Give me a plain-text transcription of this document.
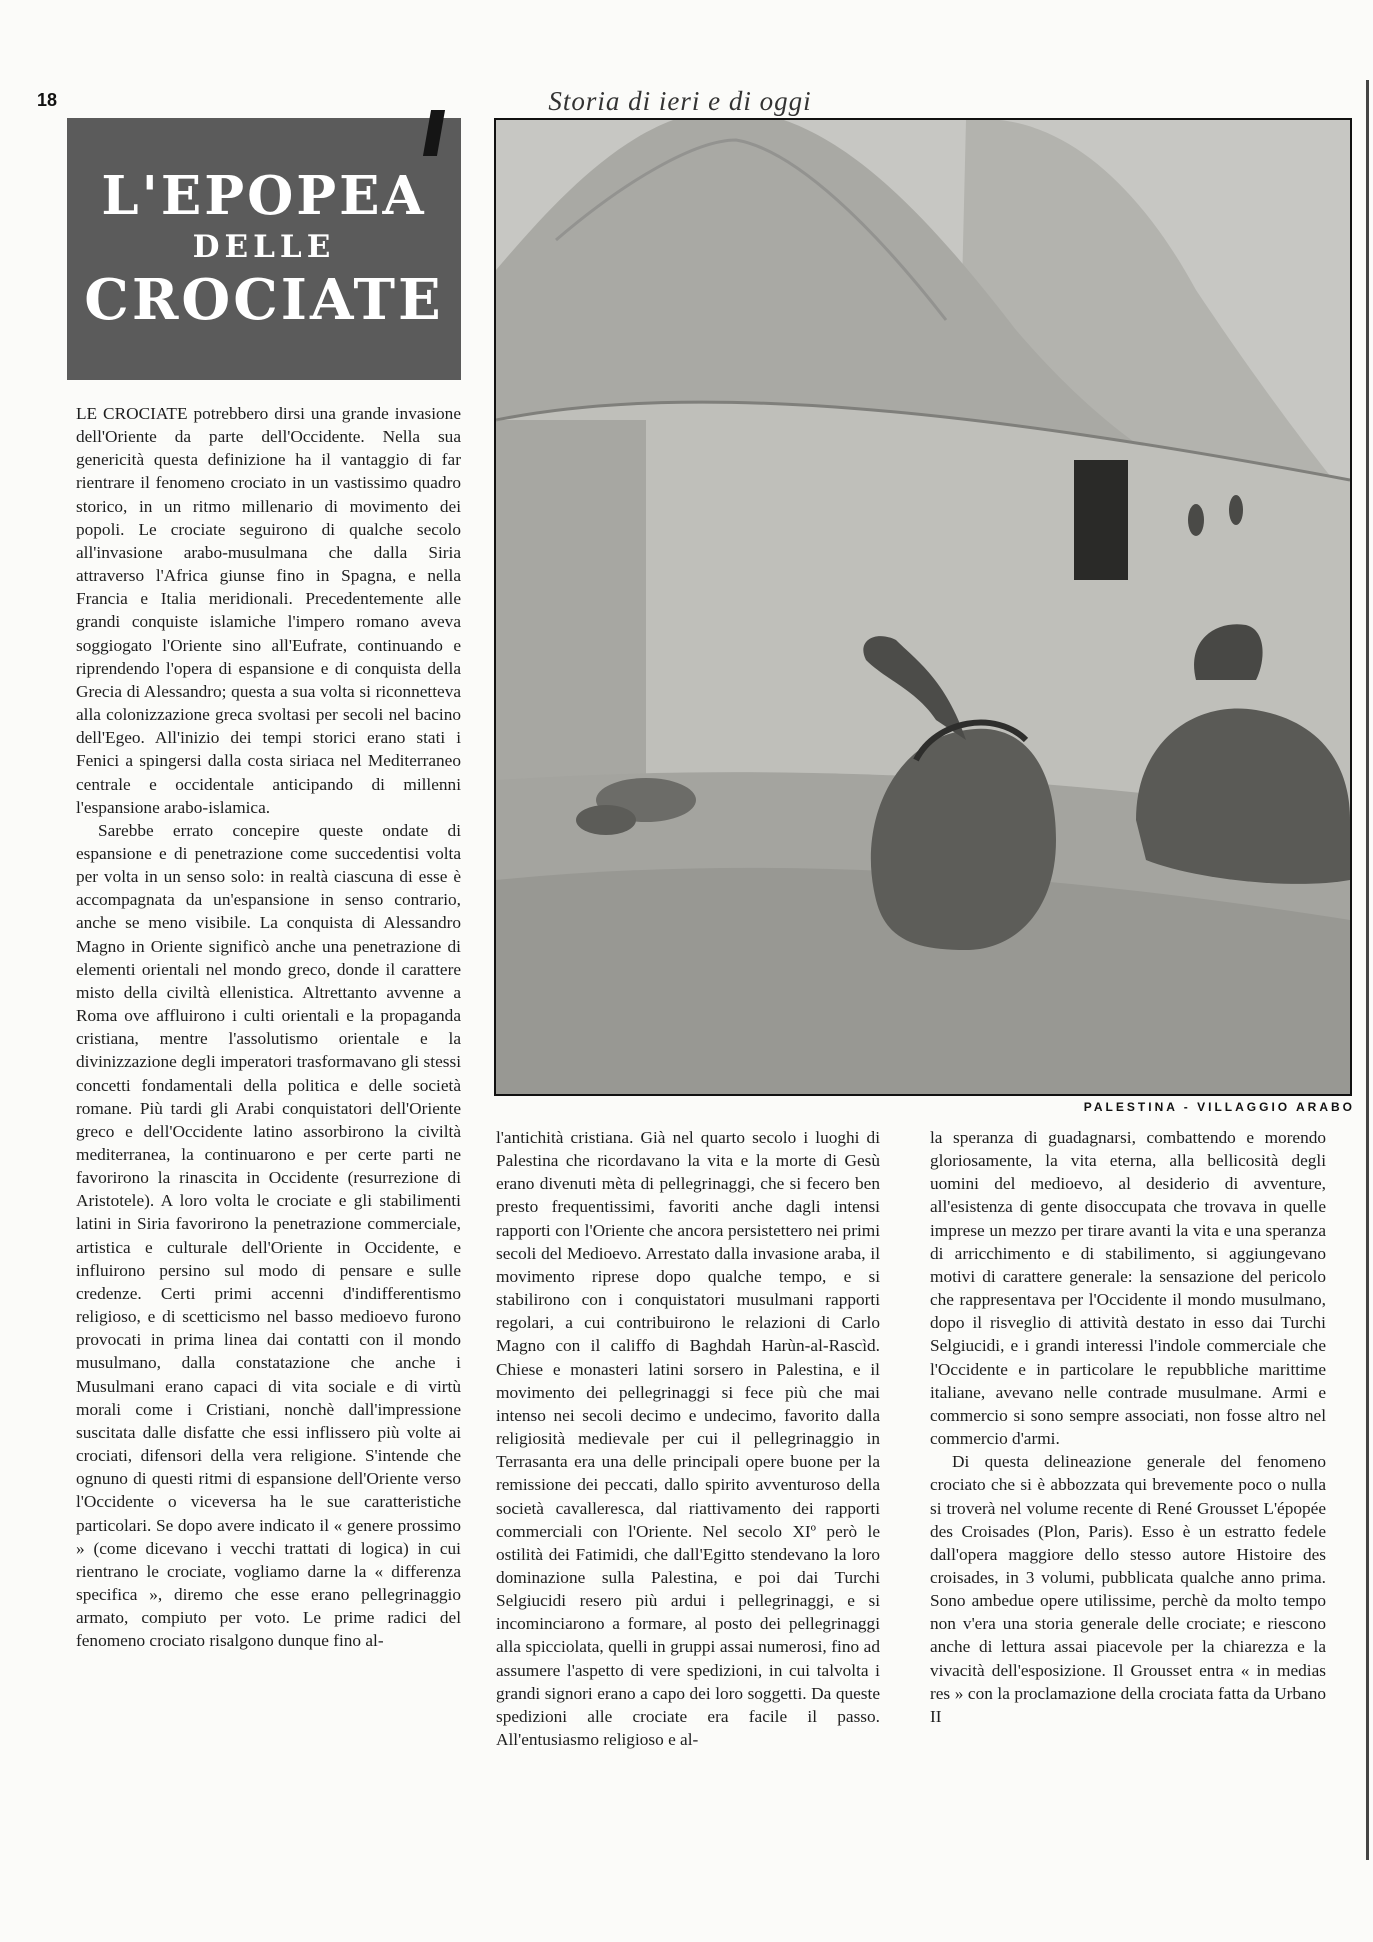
18	Storia di ieri e di oggi
L'EPOPEA
DELLE
CROCIATE
PALESTINA - VILLAGGIO ARABO

LE CROCIATE potrebbero dirsi una grande invasione dell'Oriente da parte dell'Occidente. Nella sua genericità questa definizione ha il vantaggio di far rientrare il fenomeno crociato in un vastissimo quadro storico, in un ritmo millenario di movimento dei popoli. Le crociate seguirono di qualche secolo all'invasione arabo-musulmana che dalla Siria attraverso l'Africa giunse fino in Spagna, e nella Francia e Italia meridionali. Precedentemente alle grandi conquiste islamiche l'impero romano aveva soggiogato l'Oriente sino all'Eufrate, continuando e riprendendo l'opera di espansione e di conquista della Grecia di Alessandro; questa a sua volta si riconnetteva alla colonizzazione greca svoltasi per secoli nel bacino dell'Egeo. All'inizio dei tempi storici erano stati i Fenici a spingersi dalla costa siriaca nel Mediterraneo centrale e occidentale anticipando di millenni l'espansione arabo-islamica.

Sarebbe errato concepire queste ondate di espansione e di penetrazione come succedentisi volta per volta in un senso solo: in realtà ciascuna di esse è accompagnata da un'espansione in senso contrario, anche se meno visibile. La conquista di Alessandro Magno in Oriente significò anche una penetrazione di elementi orientali nel mondo greco, donde il carattere misto della civiltà ellenistica. Altrettanto avvenne a Roma ove affluirono i culti orientali e la propaganda cristiana, mentre l'assolutismo orientale e la divinizzazione degli imperatori trasformavano gli stessi concetti fondamentali della politica e delle società romane. Più tardi gli Arabi conquistatori dell'Oriente greco e dell'Occidente latino assorbirono la civiltà mediterranea, la continuarono e per certe parti ne favorirono la rinascita in Occidente (resurrezione di Aristotele). A loro volta le crociate e gli stabilimenti latini in Siria favorirono la penetrazione commerciale, artistica e culturale dell'Oriente in Occidente, e influirono persino sul modo di pensare e sulle credenze. Certi primi accenni d'indifferentismo religioso, e di scetticismo nel basso medioevo furono provocati in prima linea dai contatti con il mondo musulmano, dalla constatazione che anche i Musulmani erano capaci di vita sociale e di virtù morali come i Cristiani, nonchè dall'impressione suscitata dalle disfatte che essi inflissero più volte ai crociati, difensori della vera religione. S'intende che ognuno di questi ritmi di espansione dell'Oriente verso l'Occidente o viceversa ha le sue caratteristiche particolari. Se dopo avere indicato il « genere prossimo » (come dicevano i vecchi trattati di logica) in cui rientrano le crociate, vogliamo darne la « differenza specifica », diremo che esse erano pellegrinaggio armato, compiuto per voto. Le prime radici del fenomeno crociato risalgono dunque fino al-

l'antichità cristiana. Già nel quarto secolo i luoghi di Palestina che ricordavano la vita e la morte di Gesù erano divenuti mèta di pellegrinaggi, che si fecero ben presto frequentissimi, favoriti anche dagli intensi rapporti con l'Oriente che ancora persistettero nei primi secoli del Medioevo. Arrestato dalla invasione araba, il movimento riprese dopo qualche tempo, e si stabilirono con i conquistatori musulmani rapporti regolari, a cui contribuirono le relazioni di Carlo Magno con il califfo di Baghdah Harùn-al-Rascìd. Chiese e monasteri latini sorsero in Palestina, e il movimento dei pellegrinaggi si fece più che mai intenso nei secoli decimo e undecimo, favorito dalla religiosità medievale per cui il pellegrinaggio in Terrasanta era una delle principali opere buone per la remissione dei peccati, dallo spirito avventuroso della società cavalleresca, dal riattivamento dei rapporti commerciali con l'Oriente. Nel secolo XIº però le ostilità dei Fatimidi, che dall'Egitto stendevano la loro dominazione sulla Palestina, e poi dai Turchi Selgiucidi resero più ardui i pellegrinaggi, e si incominciarono a formare, al posto dei pellegrinaggi alla spicciolata, quelli in gruppi assai numerosi, fino ad assumere l'aspetto di vere spedizioni, in cui talvolta i grandi signori erano a capo dei loro soggetti. Da queste spedizioni alle crociate era facile il passo. All'entusiasmo religioso e al-

la speranza di guadagnarsi, combattendo e morendo gloriosamente, la vita eterna, alla bellicosità degli uomini del medioevo, al desiderio di avventure, all'esistenza di gente disoccupata che trovava in quelle imprese un mezzo per tirare avanti la vita e una speranza di arricchimento e di stabilimento, si aggiungevano motivi di carattere generale: la sensazione del pericolo che rappresentava per l'Occidente il mondo musulmano, dopo il risveglio di attività destato in esso dai Turchi Selgiucidi, e i grandi interessi l'indole commerciale che l'Occidente e in particolare le repubbliche marittime italiane, avevano nelle contrade musulmane. Armi e commercio si sono sempre associati, non fosse altro nel commercio d'armi.

Di questa delineazione generale del fenomeno crociato che si è abbozzata qui brevemente poco o nulla si troverà nel volume recente di René Grousset L'épopée des Croisades (Plon, Paris). Esso è un estratto fedele dall'opera maggiore dello stesso autore Histoire des croisades, in 3 volumi, pubblicata qualche anno prima. Sono ambedue opere utilissime, perchè da molto tempo non v'era una storia generale delle crociate; e riescono anche di lettura assai piacevole per la chiarezza e la vivacità dell'esposizione. Il Grousset entra « in medias res » con la proclamazione della crociata fatta da Urbano II
